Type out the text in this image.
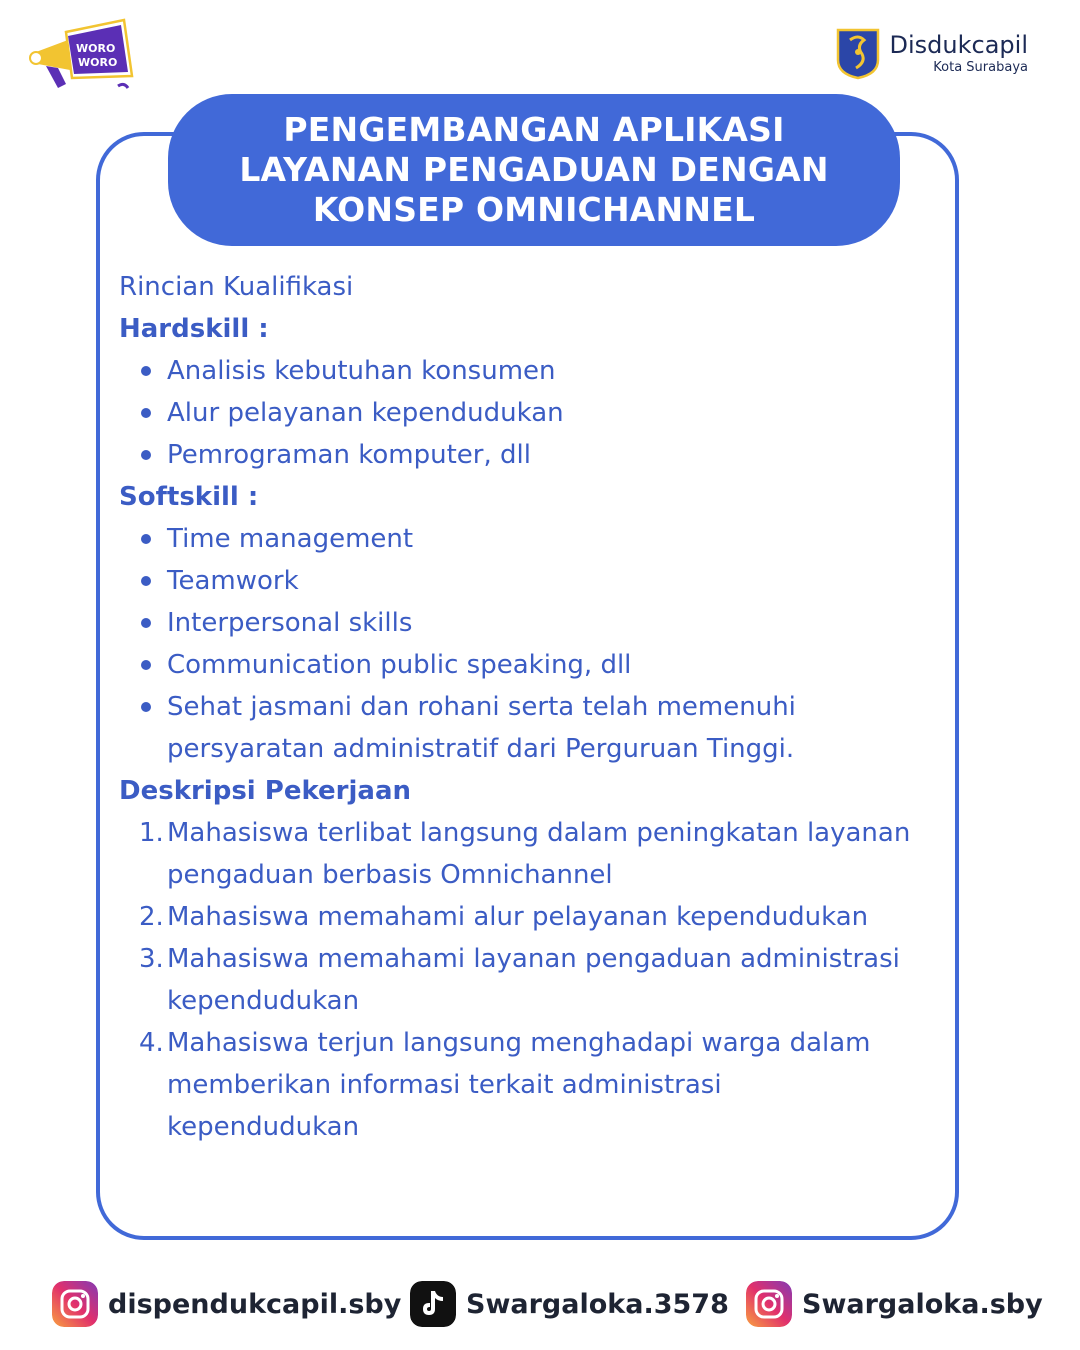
WORO
WORO
Disdukcapil
Kota Surabaya
PENGEMBANGAN APLIKASI
LAYANAN PENGADUAN DENGAN
KONSEP OMNICHANNEL
Rincian Kualifikasi
Hardskill :
Analisis kebutuhan konsumen
Alur pelayanan kependudukan
Pemrograman komputer, dll
Softskill :
Time management
Teamwork
Interpersonal skills
Communication public speaking, dll
Sehat jasmani dan rohani serta telah memenuhi persyaratan administratif dari Perguruan Tinggi.
Deskripsi Pekerjaan
1. Mahasiswa terlibat langsung dalam peningkatan layanan pengaduan berbasis Omnichannel
2. Mahasiswa memahami alur pelayanan kependudukan
3. Mahasiswa memahami layanan pengaduan administrasi kependudukan
4. Mahasiswa terjun langsung menghadapi warga dalam memberikan informasi terkait administrasi kependudukan
dispendukcapil.sby Swargaloka.3578	Swargaloka.sby
